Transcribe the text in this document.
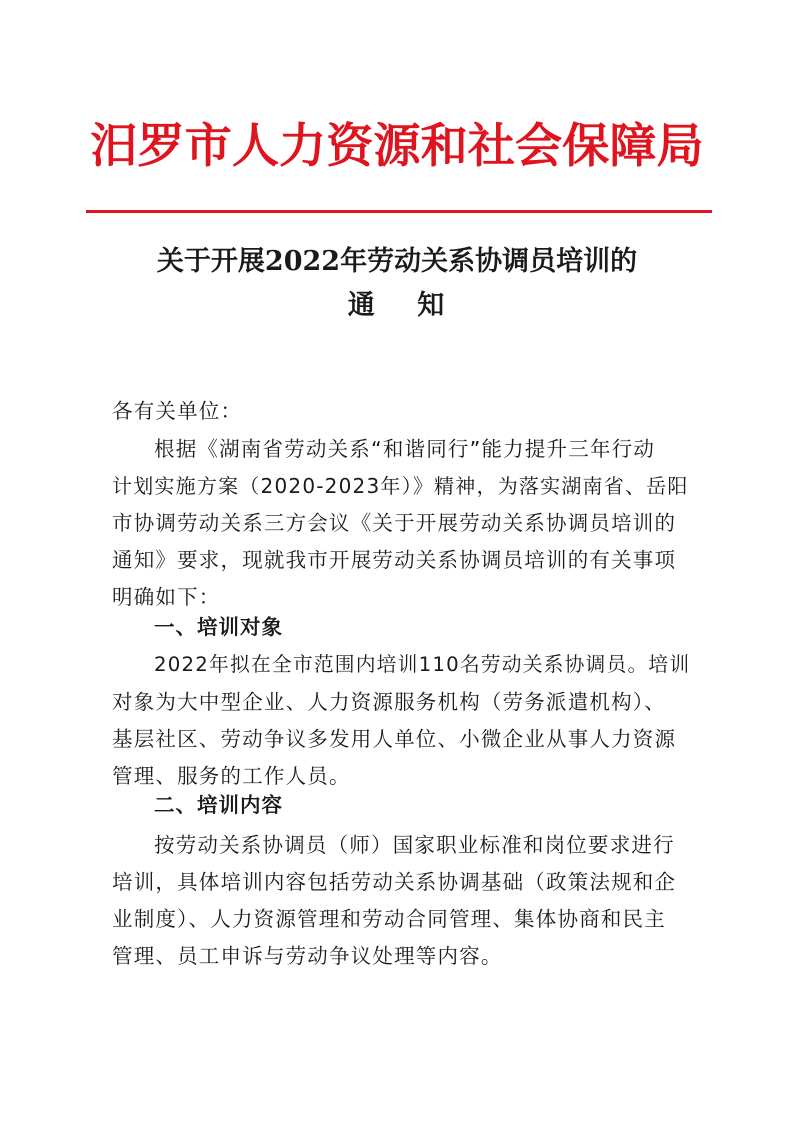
汨罗市人力资源和社会保障局
关于开展2022年劳动关系协调员培训的
通　 知
各有关单位：
根据《湖南省劳动关系“和谐同行”能力提升三年行动
计划实施方案（2020-2023年）》精神，为落实湖南省、岳阳
市协调劳动关系三方会议《关于开展劳动关系协调员培训的
通知》要求，现就我市开展劳动关系协调员培训的有关事项
明确如下：
一、培训对象
2022年拟在全市范围内培训110名劳动关系协调员。培训
对象为大中型企业、人力资源服务机构（劳务派遣机构）、
基层社区、劳动争议多发用人单位、小微企业从事人力资源
管理、服务的工作人员。
二、培训内容
按劳动关系协调员（师）国家职业标准和岗位要求进行
培训，具体培训内容包括劳动关系协调基础（政策法规和企
业制度）、人力资源管理和劳动合同管理、集体协商和民主
管理、员工申诉与劳动争议处理等内容。
